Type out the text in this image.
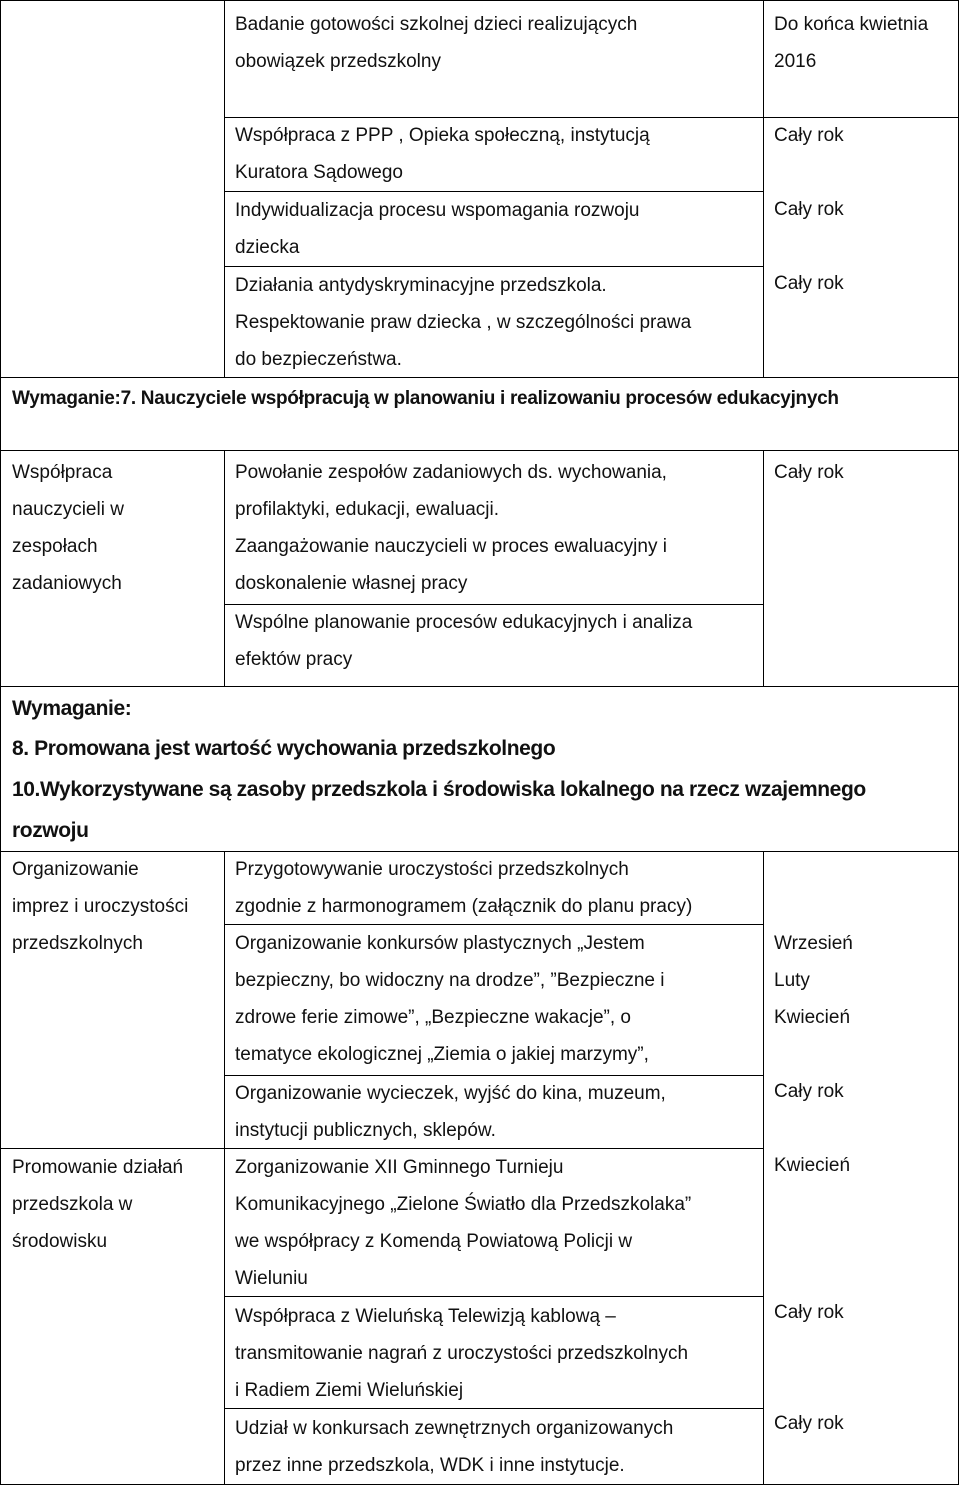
Badanie gotowości szkolnej dzieci realizujących
obowiązek przedszkolny
Do końca kwietnia
2016
Współpraca z PPP , Opieka społeczną, instytucją
Kuratora Sądowego
Cały rok
Indywidualizacja procesu wspomagania rozwoju
dziecka
Cały rok
Działania antydyskryminacyjne przedszkola.
Respektowanie praw dziecka , w szczególności prawa
do bezpieczeństwa.
Cały rok
Wymaganie:7. Nauczyciele współpracują w planowaniu i realizowaniu procesów edukacyjnych
Współpraca
nauczycieli w
zespołach
zadaniowych
Powołanie zespołów zadaniowych ds. wychowania,
profilaktyki, edukacji, ewaluacji.
Zaangażowanie nauczycieli w proces ewaluacyjny i
doskonalenie własnej pracy
Wspólne planowanie procesów edukacyjnych i analiza
efektów pracy
Cały rok
Wymaganie:
8. Promowana jest wartość wychowania przedszkolnego
10.Wykorzystywane są zasoby przedszkola i środowiska lokalnego na rzecz wzajemnego
rozwoju
Organizowanie
imprez i uroczystości
przedszkolnych
Promowanie działań
przedszkola w
środowisku
Przygotowywanie uroczystości przedszkolnych
zgodnie z harmonogramem (załącznik do planu pracy)
Organizowanie konkursów plastycznych „Jestem
bezpieczny, bo widoczny na drodze”, ”Bezpieczne i
zdrowe ferie zimowe”, „Bezpieczne wakacje”, o
tematyce ekologicznej „Ziemia o jakiej marzymy”,
Wrzesień
Luty
Kwiecień
Organizowanie wycieczek, wyjść do kina, muzeum,
instytucji publicznych, sklepów.
Cały rok
Zorganizowanie XII Gminnego Turnieju
Komunikacyjnego „Zielone Światło dla Przedszkolaka”
we współpracy z Komendą Powiatową Policji w
Wieluniu
Kwiecień
Współpraca z Wieluńską Telewizją kablową –
transmitowanie nagrań z uroczystości przedszkolnych
i Radiem Ziemi Wieluńskiej
Cały rok
Udział w konkursach zewnętrznych organizowanych
przez inne przedszkola, WDK i inne instytucje.
Cały rok
